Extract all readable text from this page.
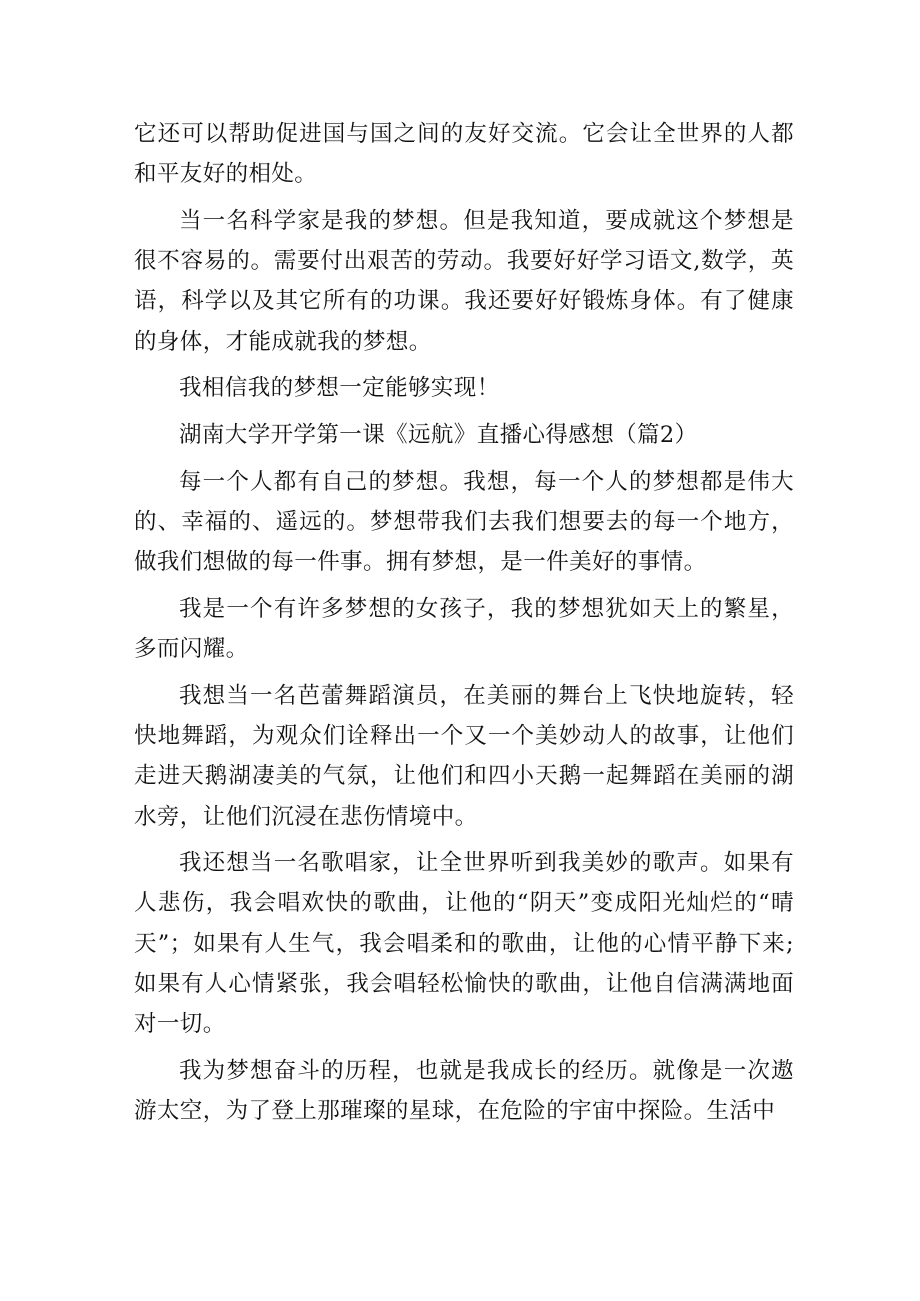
它还可以帮助促进国与国之间的友好交流。它会让全世界的人都和平友好的相处。

当一名科学家是我的梦想。但是我知道，要成就这个梦想是很不容易的。需要付出艰苦的劳动。我要好好学习语文,数学，英语，科学以及其它所有的功课。我还要好好锻炼身体。有了健康的身体，才能成就我的梦想。

我相信我的梦想一定能够实现！

湖南大学开学第一课《远航》直播心得感想（篇2）

每一个人都有自己的梦想。我想，每一个人的梦想都是伟大的、幸福的、遥远的。梦想带我们去我们想要去的每一个地方，做我们想做的每一件事。拥有梦想，是一件美好的事情。

我是一个有许多梦想的女孩子，我的梦想犹如天上的繁星，多而闪耀。

我想当一名芭蕾舞蹈演员，在美丽的舞台上飞快地旋转，轻快地舞蹈，为观众们诠释出一个又一个美妙动人的故事，让他们走进天鹅湖凄美的气氛，让他们和四小天鹅一起舞蹈在美丽的湖水旁，让他们沉浸在悲伤情境中。

我还想当一名歌唱家，让全世界听到我美妙的歌声。如果有人悲伤，我会唱欢快的歌曲，让他的“阴天”变成阳光灿烂的“晴天”；如果有人生气，我会唱柔和的歌曲，让他的心情平静下来;如果有人心情紧张，我会唱轻松愉快的歌曲，让他自信满满地面对一切。

我为梦想奋斗的历程，也就是我成长的经历。就像是一次遨游太空，为了登上那璀璨的星球，在危险的宇宙中探险。生活中
